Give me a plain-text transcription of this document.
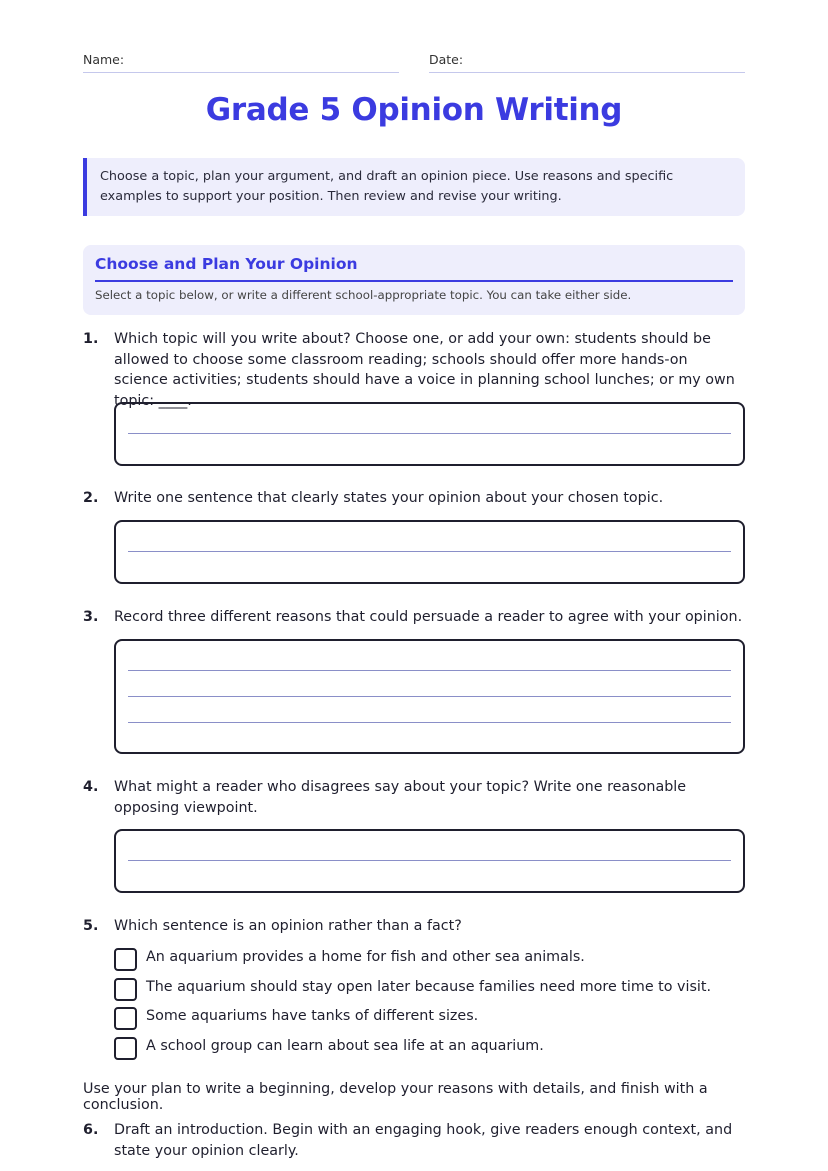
Name:	Date:
Grade 5 Opinion Writing
Choose a topic, plan your argument, and draft an opinion piece. Use reasons and specific examples to support your position. Then review and revise your writing.
Choose and Plan Your Opinion
Select a topic below, or write a different school-appropriate topic. You can take either side.
1. Which topic will you write about? Choose one, or add your own: students should be allowed to choose some classroom reading; schools should offer more hands-on science activities; students should have a voice in planning school lunches; or my own topic: ____.
2. Write one sentence that clearly states your opinion about your chosen topic.
3. Record three different reasons that could persuade a reader to agree with your opinion.
4. What might a reader who disagrees say about your topic? Write one reasonable opposing viewpoint.
5. Which sentence is an opinion rather than a fact?
An aquarium provides a home for fish and other sea animals.
The aquarium should stay open later because families need more time to visit.
Some aquariums have tanks of different sizes.
A school group can learn about sea life at an aquarium.
Use your plan to write a beginning, develop your reasons with details, and finish with a conclusion.
6. Draft an introduction. Begin with an engaging hook, give readers enough context, and state your opinion clearly.
